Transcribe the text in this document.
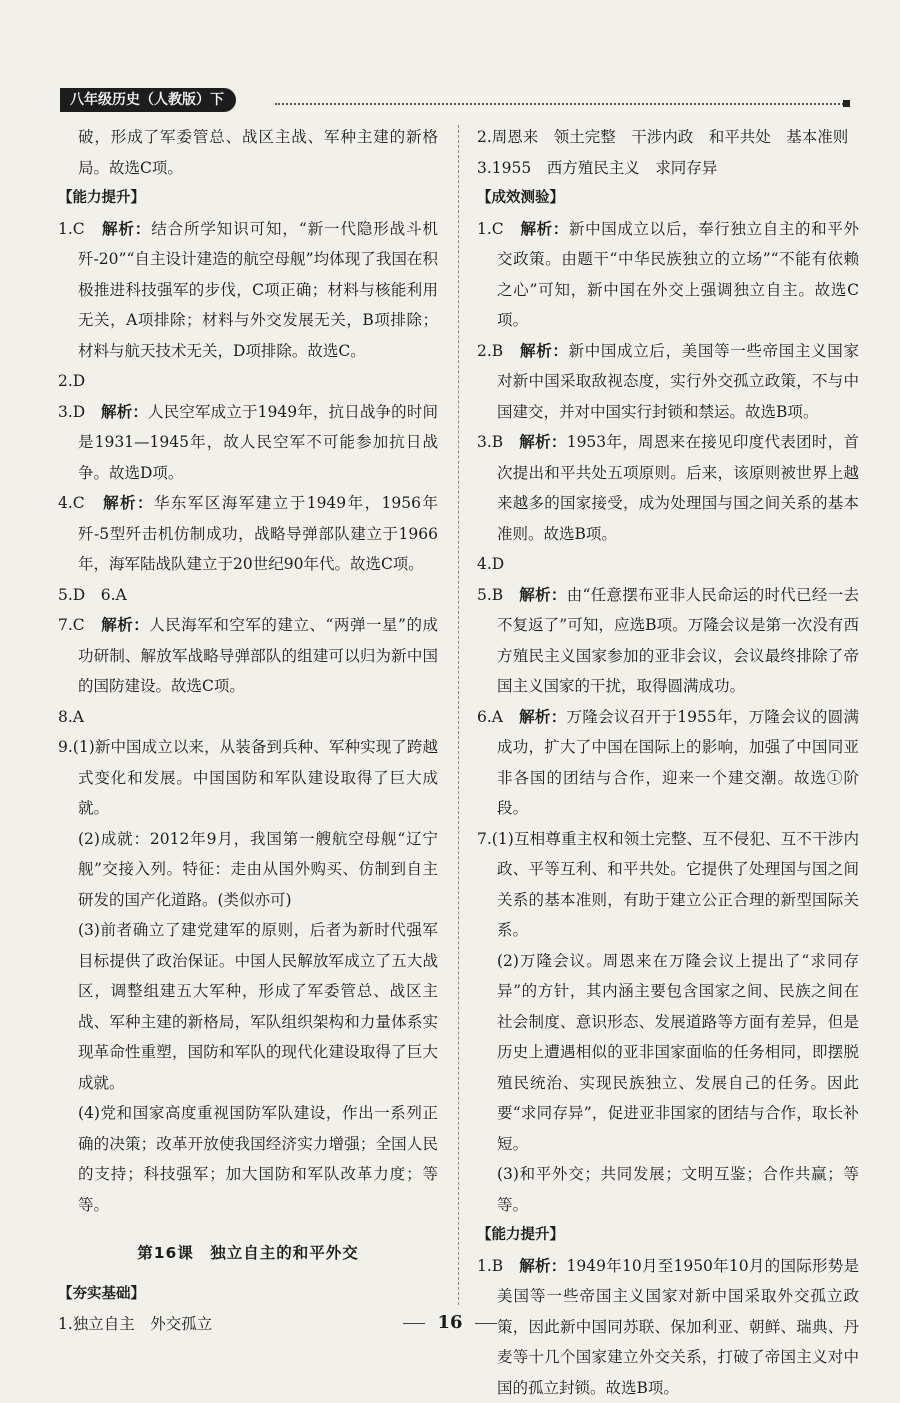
八年级历史（人教版）下

破，形成了军委管总、战区主战、军种主建的新格局。故选C项。

【能力提升】

1.C　 解析：结合所学知识可知，“新一代隐形战斗机歼-20”“自主设计建造的航空母舰”均体现了我国在积极推进科技强军的步伐，C项正确；材料与核能利用无关，A项排除；材料与外交发展无关，B项排除；材料与航天技术无关，D项排除。故选C。

2.D

3.D　 解析：人民空军成立于1949年，抗日战争的时间是1931—1945年，故人民空军不可能参加抗日战争。故选D项。

4.C　 解析：华东军区海军建立于1949年，1956年歼-5型歼击机仿制成功，战略导弹部队建立于1966年，海军陆战队建立于20世纪90年代。故选C项。

5.D　6.A

7.C　 解析：人民海军和空军的建立、“两弹一星”的成功研制、解放军战略导弹部队的组建可以归为新中国的国防建设。故选C项。

8.A

9.(1)新中国成立以来，从装备到兵种、军种实现了跨越式变化和发展。中国国防和军队建设取得了巨大成就。

(2)成就：2012年9月，我国第一艘航空母舰“辽宁舰”交接入列。特征：走由从国外购买、仿制到自主研发的国产化道路。(类似亦可)

(3)前者确立了建党建军的原则，后者为新时代强军目标提供了政治保证。中国人民解放军成立了五大战区，调整组建五大军种，形成了军委管总、战区主战、军种主建的新格局，军队组织架构和力量体系实现革命性重塑，国防和军队的现代化建设取得了巨大成就。

(4)党和国家高度重视国防军队建设，作出一系列正确的决策；改革开放使我国经济实力增强；全国人民的支持；科技强军；加大国防和军队改革力度；等等。

第16课　独立自主的和平外交

【夯实基础】

1.独立自主　外交孤立

2.周恩来　领土完整　干涉内政　和平共处　基本准则

3.1955　西方殖民主义　求同存异

【成效测验】

1.C　 解析：新中国成立以后，奉行独立自主的和平外交政策。由题干“中华民族独立的立场”“不能有依赖之心”可知，新中国在外交上强调独立自主。故选C项。

2.B　 解析：新中国成立后，美国等一些帝国主义国家对新中国采取敌视态度，实行外交孤立政策，不与中国建交，并对中国实行封锁和禁运。故选B项。

3.B　 解析：1953年，周恩来在接见印度代表团时，首次提出和平共处五项原则。后来，该原则被世界上越来越多的国家接受，成为处理国与国之间关系的基本准则。故选B项。

4.D

5.B　 解析：由“任意摆布亚非人民命运的时代已经一去不复返了”可知，应选B项。万隆会议是第一次没有西方殖民主义国家参加的亚非会议，会议最终排除了帝国主义国家的干扰，取得圆满成功。

6.A　 解析：万隆会议召开于1955年，万隆会议的圆满成功，扩大了中国在国际上的影响，加强了中国同亚非各国的团结与合作，迎来一个建交潮。故选①阶段。

7.(1)互相尊重主权和领土完整、互不侵犯、互不干涉内政、平等互利、和平共处。它提供了处理国与国之间关系的基本准则，有助于建立公正合理的新型国际关系。

(2)万隆会议。周恩来在万隆会议上提出了“求同存异”的方针，其内涵主要包含国家之间、民族之间在社会制度、意识形态、发展道路等方面有差异，但是历史上遭遇相似的亚非国家面临的任务相同，即摆脱殖民统治、实现民族独立、发展自己的任务。因此要“求同存异”，促进亚非国家的团结与合作，取长补短。

(3)和平外交；共同发展；文明互鉴；合作共赢；等等。

【能力提升】

1.B　 解析：1949年10月至1950年10月的国际形势是美国等一些帝国主义国家对新中国采取外交孤立政策，因此新中国同苏联、保加利亚、朝鲜、瑞典、丹麦等十几个国家建立外交关系，打破了帝国主义对中国的孤立封锁。故选B项。

16
